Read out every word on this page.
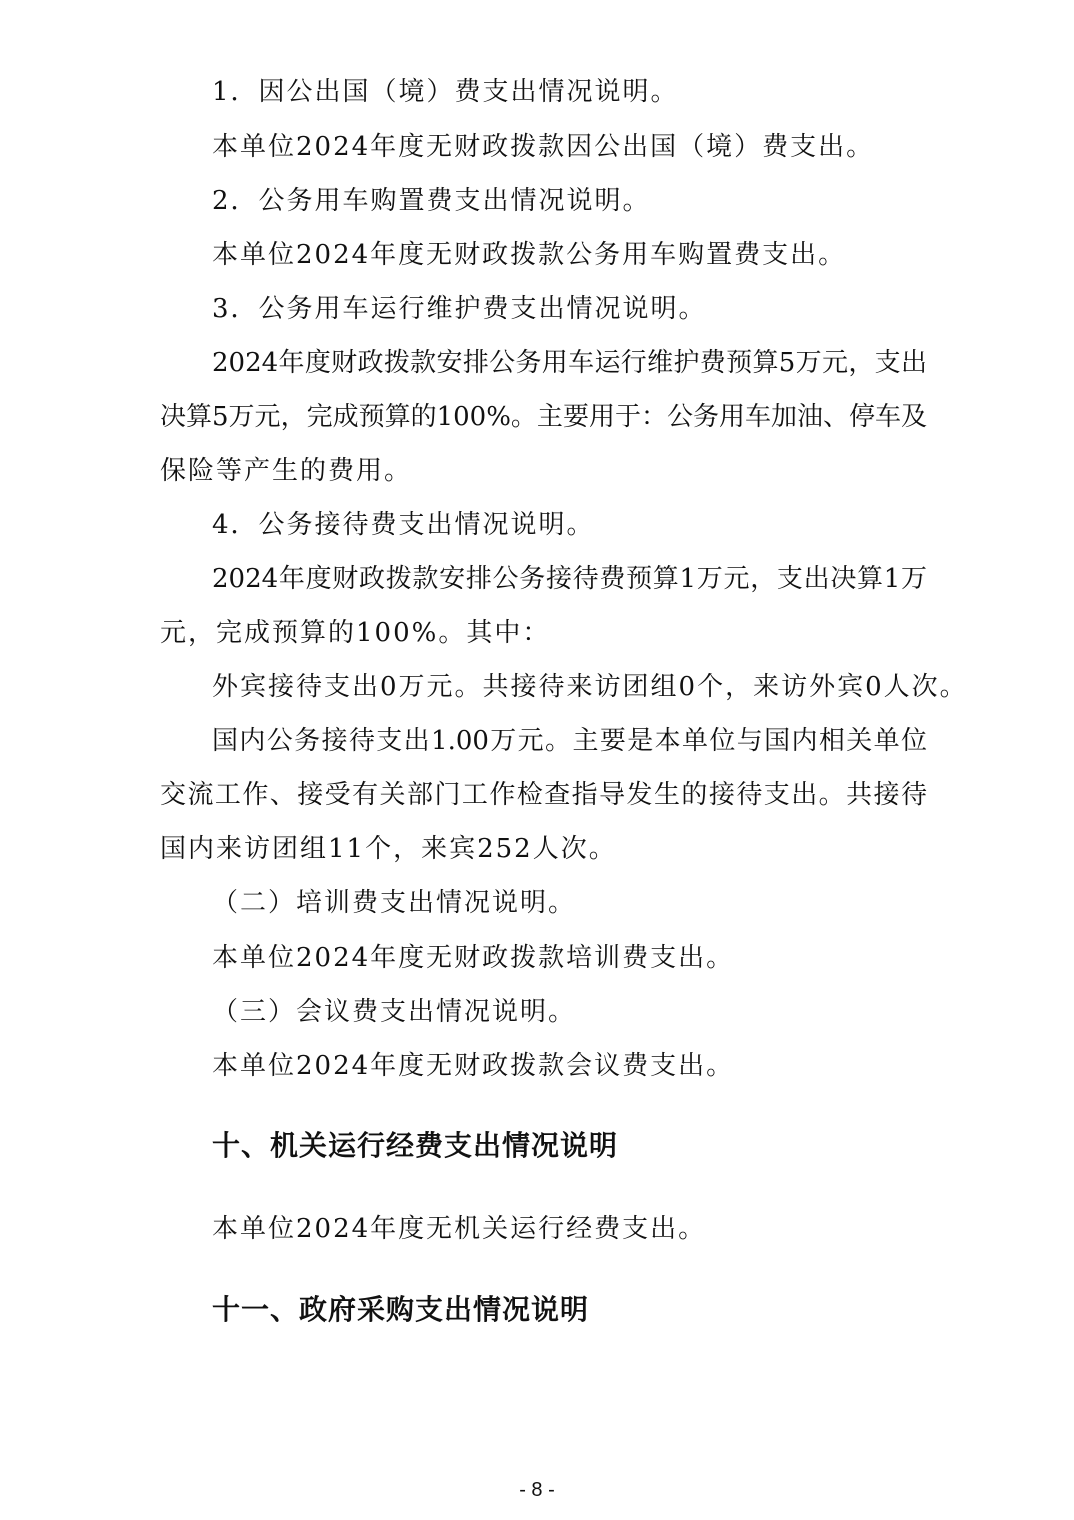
1．因公出国（境）费支出情况说明。
本单位2024年度无财政拨款因公出国（境）费支出。
2．公务用车购置费支出情况说明。
本单位2024年度无财政拨款公务用车购置费支出。
3．公务用车运行维护费支出情况说明。
2024年度财政拨款安排公务用车运行维护费预算5万元，支出
决算5万元，完成预算的100%。主要用于：公务用车加油、停车及
保险等产生的费用。
4．公务接待费支出情况说明。
2024年度财政拨款安排公务接待费预算1万元，支出决算1万
元，完成预算的100%。其中：
外宾接待支出0万元。共接待来访团组0个，来访外宾0人次。
国内公务接待支出1.00万元。主要是本单位与国内相关单位
交流工作、接受有关部门工作检查指导发生的接待支出。共接待
国内来访团组11个，来宾252人次。
（二）培训费支出情况说明。
本单位2024年度无财政拨款培训费支出。
（三）会议费支出情况说明。
本单位2024年度无财政拨款会议费支出。
十、机关运行经费支出情况说明
本单位2024年度无机关运行经费支出。
十一、政府采购支出情况说明
- 8 -
